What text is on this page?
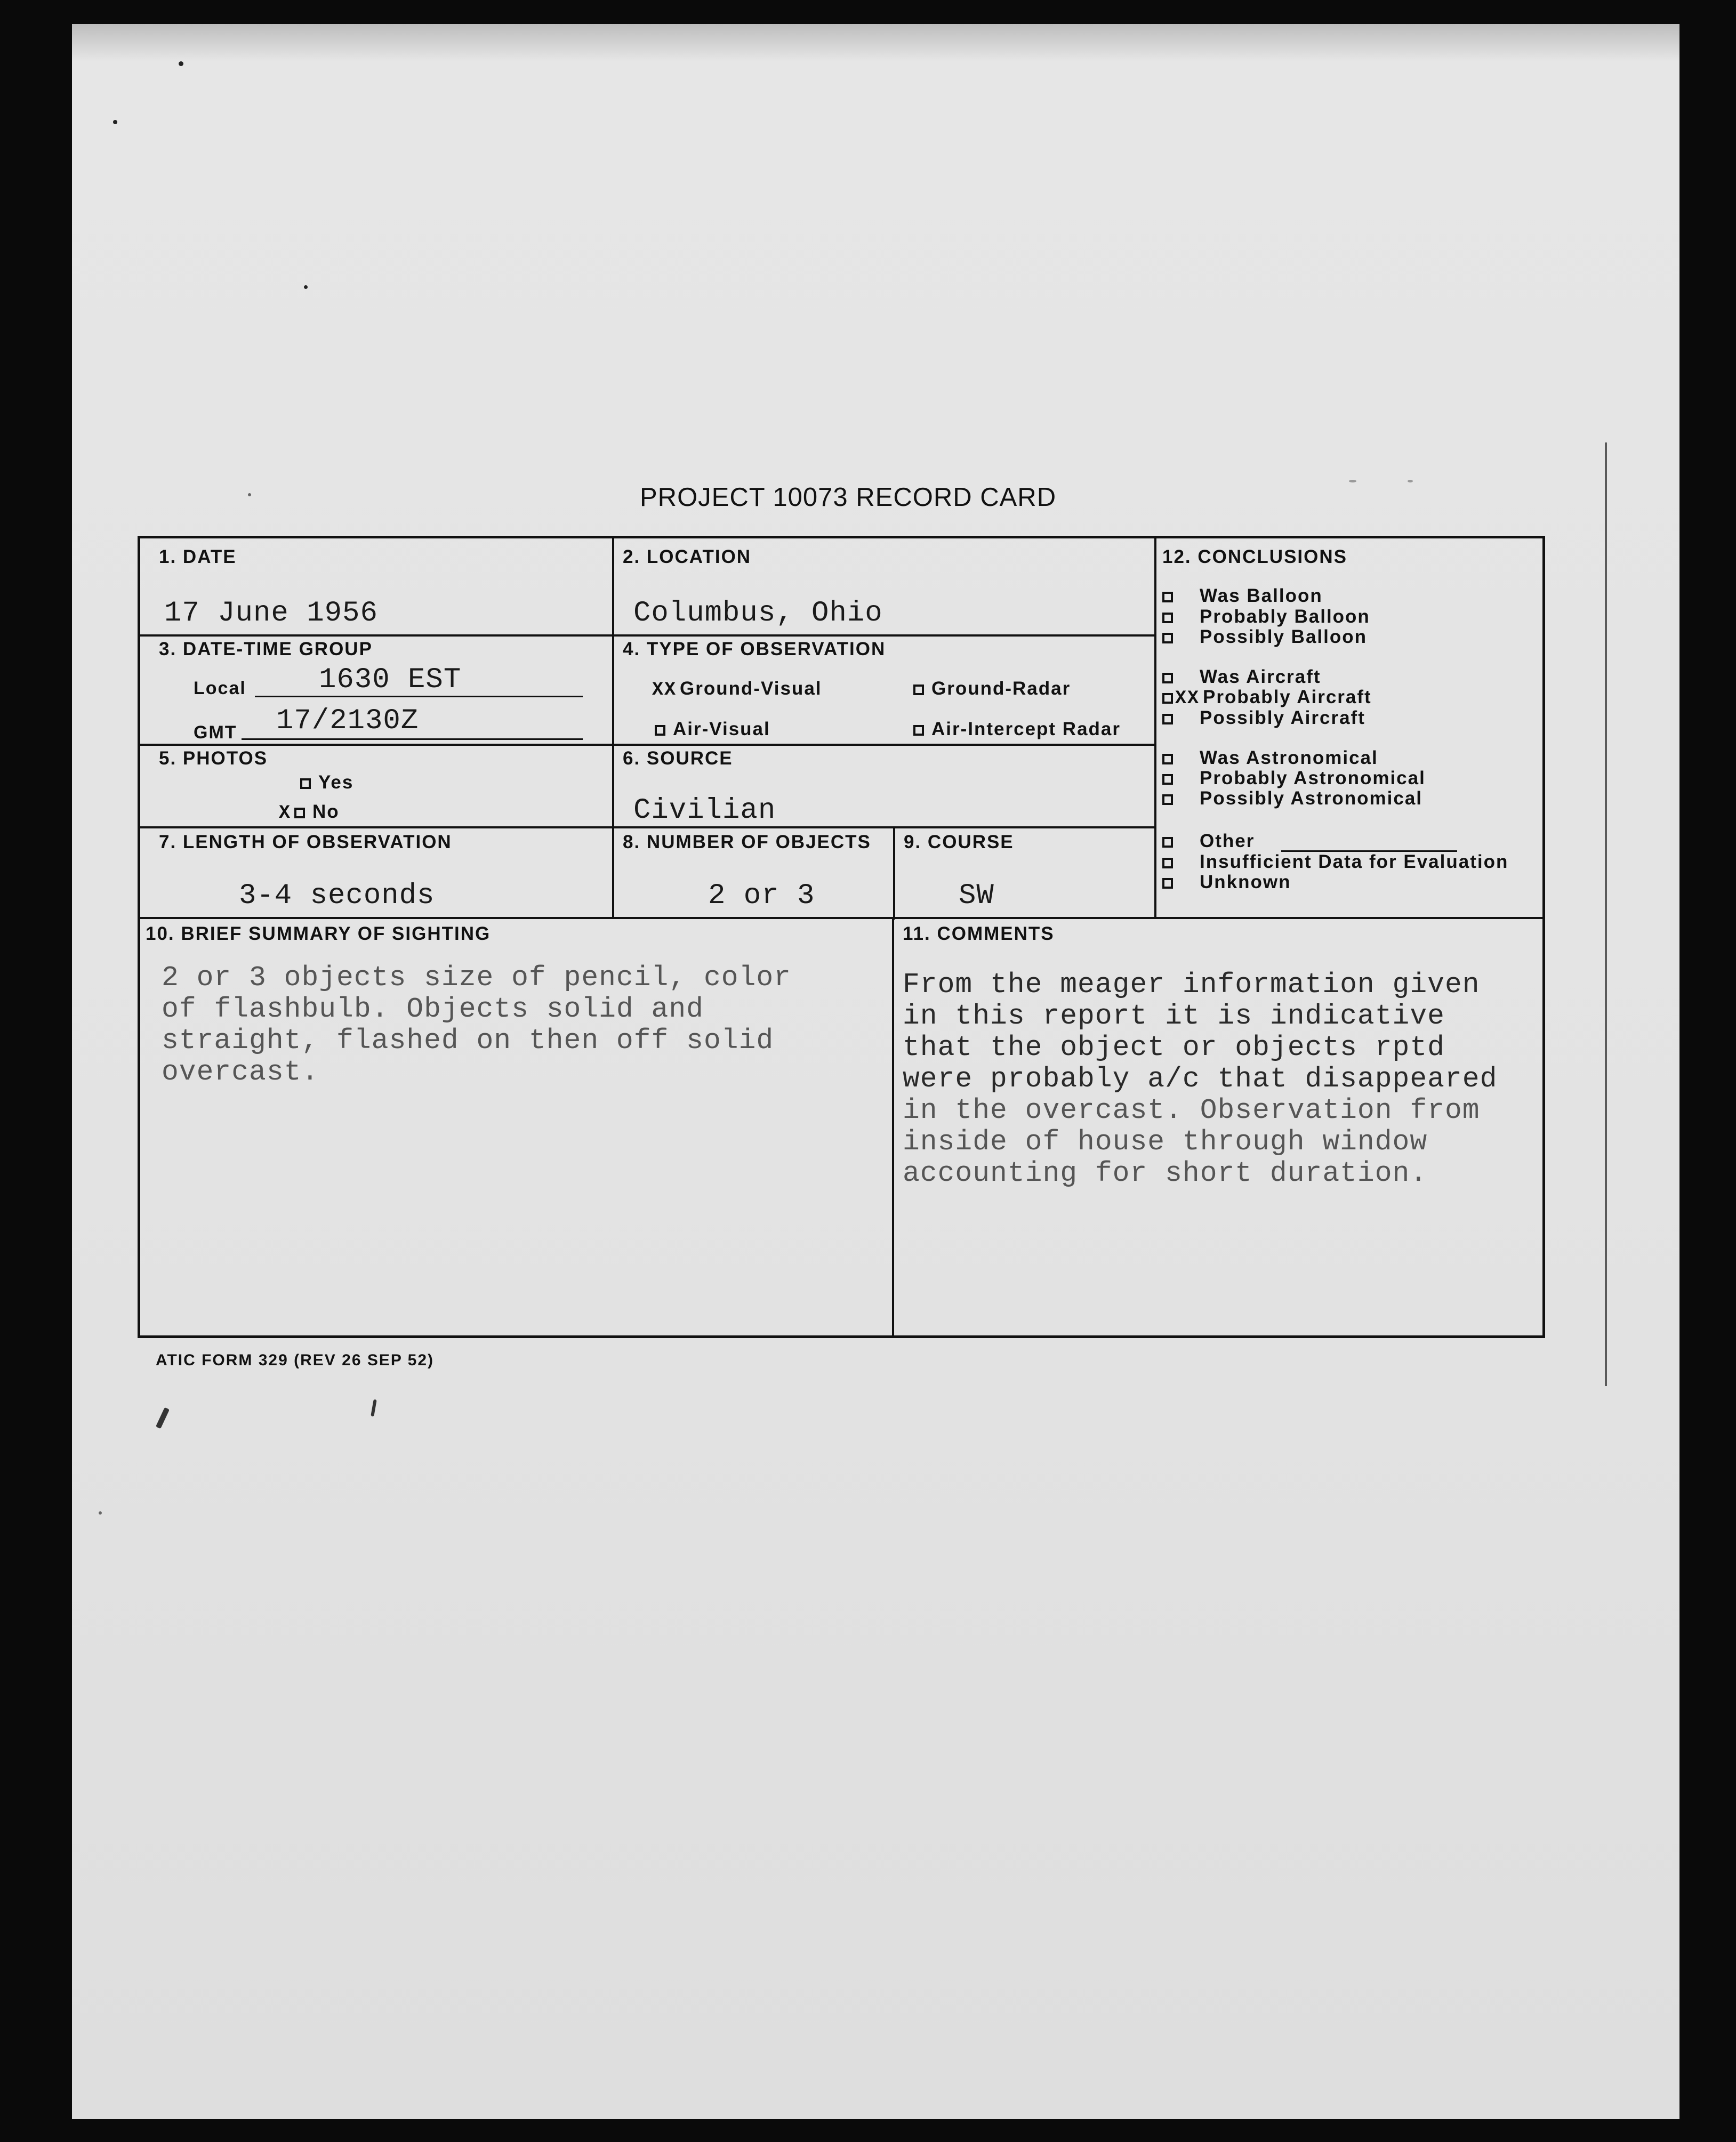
PROJECT 10073 RECORD CARD
1. DATE
17 June 1956
2. LOCATION
Columbus, Ohio
3. DATE-TIME GROUP
Local	1630 EST
GMT 17/2130Z
4. TYPE OF OBSERVATION
XX Ground-Visual	Ground-Radar
Air-Visual	Air-Intercept Radar
5. PHOTOS
Yes
X No
6. SOURCE
Civilian
7. LENGTH OF OBSERVATION
3-4 seconds
8. NUMBER OF OBJECTS
2 or 3
9. COURSE
SW
12. CONCLUSIONS
Was Balloon
Probably Balloon
Possibly Balloon
Was Aircraft
XX Probably Aircraft
Possibly Aircraft
Was Astronomical
Probably Astronomical
Possibly Astronomical
Other
Insufficient Data for Evaluation
Unknown
10. BRIEF SUMMARY OF SIGHTING
2 or 3 objects size of pencil, color
of flashbulb. Objects solid and
straight, flashed on then off solid
overcast.
11. COMMENTS
From the meager information given
in this report it is indicative
that the object or objects rptd
were probably a/c that disappeared
in the overcast. Observation from
inside of house through window
accounting for short duration.
ATIC FORM 329 (REV 26 SEP 52)
